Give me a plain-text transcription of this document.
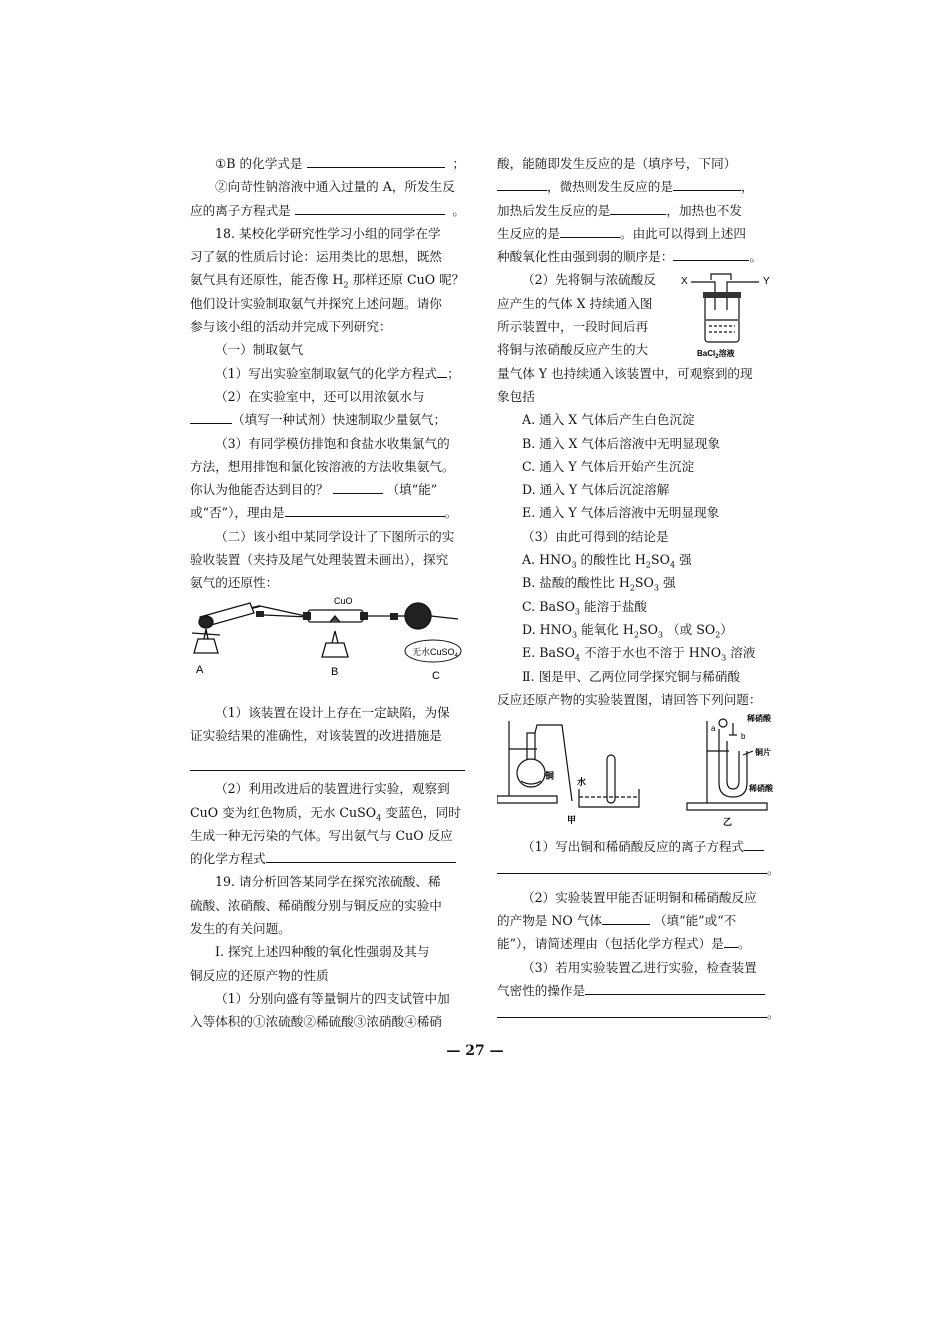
①B 的化学式是	；
②向苛性钠溶液中通入过量的 A，所发生反
应的离子方程式是	。
18. 某校化学研究性学习小组的同学在学
习了氨的性质后讨论：运用类比的思想，既然
氨气具有还原性，能否像 $H_2$ 那样还原 CuO 呢？
他们设计实验制取氨气并探究上述问题。请你
参与该小组的活动并完成下列研究：
（一）制取氨气
（1）写出实验室制取氨气的化学方程式 ；
（2）在实验室中，还可以用浓氨水与
（填写一种试剂）快速制取少量氨气；
（3）有同学模仿排饱和食盐水收集氯气的
方法，想用排饱和氯化铵溶液的方法收集氨气。
你认为他能否达到目的？	（填“能”
或“否”），理由是	。
（二）该小组中某同学设计了下图所示的实
验收装置（夹持及尾气处理装置未画出），探究
氨气的还原性：
CuO
A	B	C
无水CuSO$_4$
（1）该装置在设计上存在一定缺陷，为保
证实验结果的准确性，对该装置的改进措施是
（2）利用改进后的装置进行实验，观察到
CuO 变为红色物质，无水 CuSO$_4$ 变蓝色，同时
生成一种无污染的气体。写出氨气与 CuO 反应
的化学方程式
19. 请分析回答某同学在探究浓硫酸、稀
硫酸、浓硝酸、稀硝酸分别与铜反应的实验中
发生的有关问题。
Ⅰ. 探究上述四种酸的氧化性强弱及其与
铜反应的还原产物的性质
（1）分别向盛有等量铜片的四支试管中加
入等体积的①浓硫酸②稀硫酸③浓硝酸④稀硝
酸，能随即发生反应的是（填序号，下同）
，微热则发生反应的是	，
加热后发生反应的是	，加热也不发
生反应的是	。由此可以得到上述四
种酸氧化性由强到弱的顺序是：	。
（2）先将铜与浓硫酸反
应产生的气体 X 持续通入图
所示装置中，一段时间后再
将铜与浓硝酸反应产生的大
X	Y
BaCl$_2$溶液
量气体 Y 也持续通入该装置中，可观察到的现
象包括
A. 通入 X 气体后产生白色沉淀
B. 通入 X 气体后溶液中无明显现象
C. 通入 Y 气体后开始产生沉淀
D. 通入 Y 气体后沉淀溶解
E. 通入 Y 气体后溶液中无明显现象
（3）由此可得到的结论是
A. $HNO_3$ 的酸性比 $H_2SO_4$ 强
B. 盐酸的酸性比 $H_2SO_3$ 强
C. BaSO$_3$ 能溶于盐酸
D. $HNO_3$ 能氧化 $H_2SO_3$ （或 $SO_2$）
E. BaSO$_4$ 不溶于水也不溶于 $HNO_3$ 溶液
Ⅱ. 图是甲、乙两位同学探究铜与稀硝酸
反应还原产物的实验装置图，请回答下列问题：
铜
水
甲	乙
稀硝酸
铜片
稀硝酸
a
b
（1）写出铜和稀硝酸反应的离子方程式
。
（2）实验装置甲能否证明铜和稀硝酸反应
的产物是 NO 气体	（填“能”或“不
能”），请简述理由（包括化学方程式）是 。
（3）若用实验装置乙进行实验，检查装置
气密性的操作是
。
— 27 —
